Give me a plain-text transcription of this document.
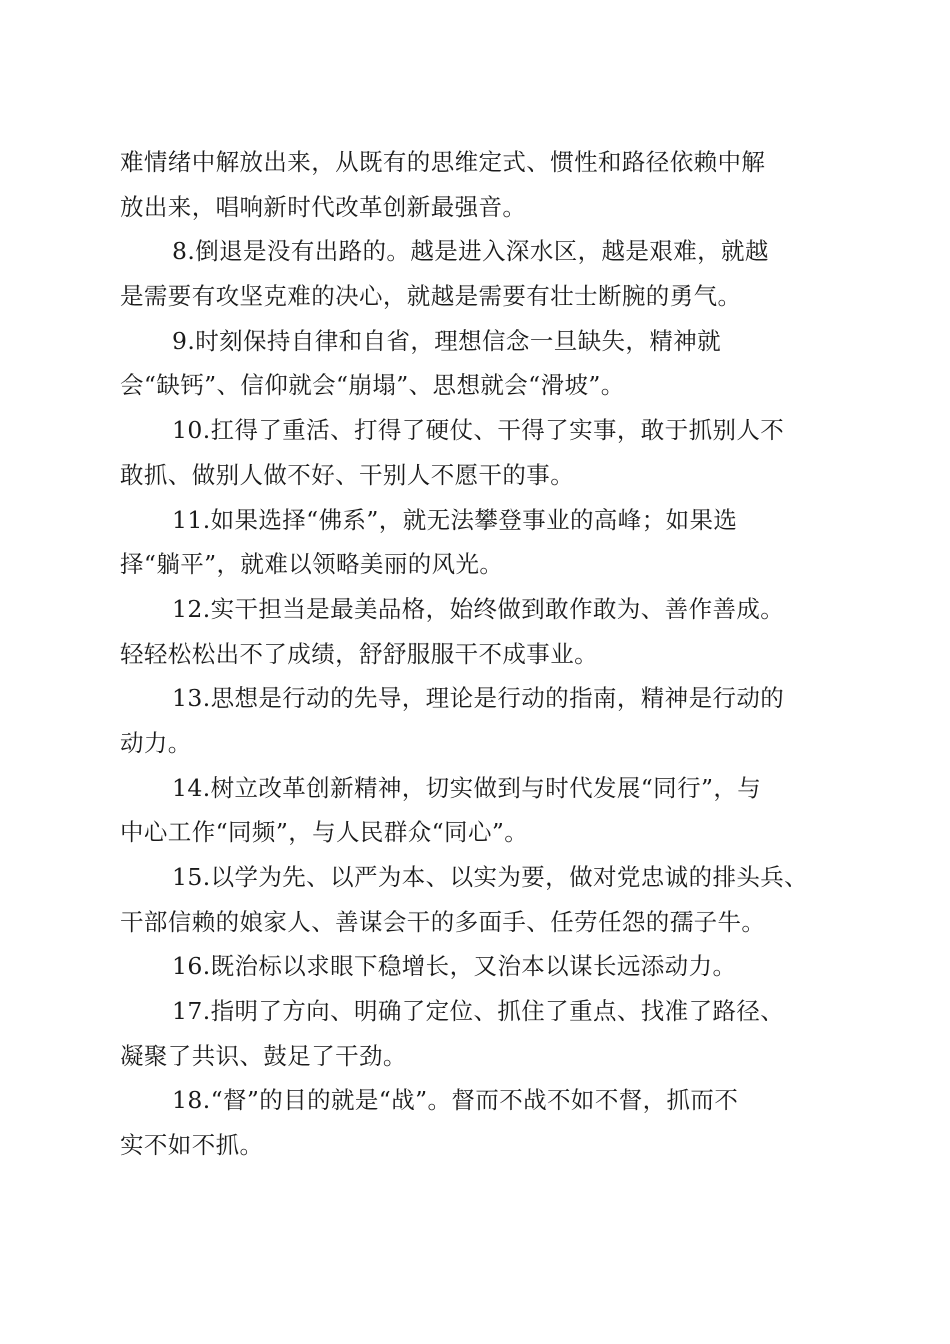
难情绪中解放出来，从既有的思维定式、惯性和路径依赖中解
放出来，唱响新时代改革创新最强音。
8.倒退是没有出路的。越是进入深水区，越是艰难，就越
是需要有攻坚克难的决心，就越是需要有壮士断腕的勇气。
9.时刻保持自律和自省，理想信念一旦缺失，精神就
会“缺钙”、信仰就会“崩塌”、思想就会“滑坡”。
10.扛得了重活、打得了硬仗、干得了实事，敢于抓别人不
敢抓、做别人做不好、干别人不愿干的事。
11.如果选择“佛系”，就无法攀登事业的高峰；如果选
择“躺平”，就难以领略美丽的风光。
12.实干担当是最美品格，始终做到敢作敢为、善作善成。
轻轻松松出不了成绩，舒舒服服干不成事业。
13.思想是行动的先导，理论是行动的指南，精神是行动的
动力。
14.树立改革创新精神，切实做到与时代发展“同行”，与
中心工作“同频”，与人民群众“同心”。
15.以学为先、以严为本、以实为要，做对党忠诚的排头兵、
干部信赖的娘家人、善谋会干的多面手、任劳任怨的孺子牛。
16.既治标以求眼下稳增长，又治本以谋长远添动力。
17.指明了方向、明确了定位、抓住了重点、找准了路径、
凝聚了共识、鼓足了干劲。
18.“督”的目的就是“战”。督而不战不如不督，抓而不
实不如不抓。
